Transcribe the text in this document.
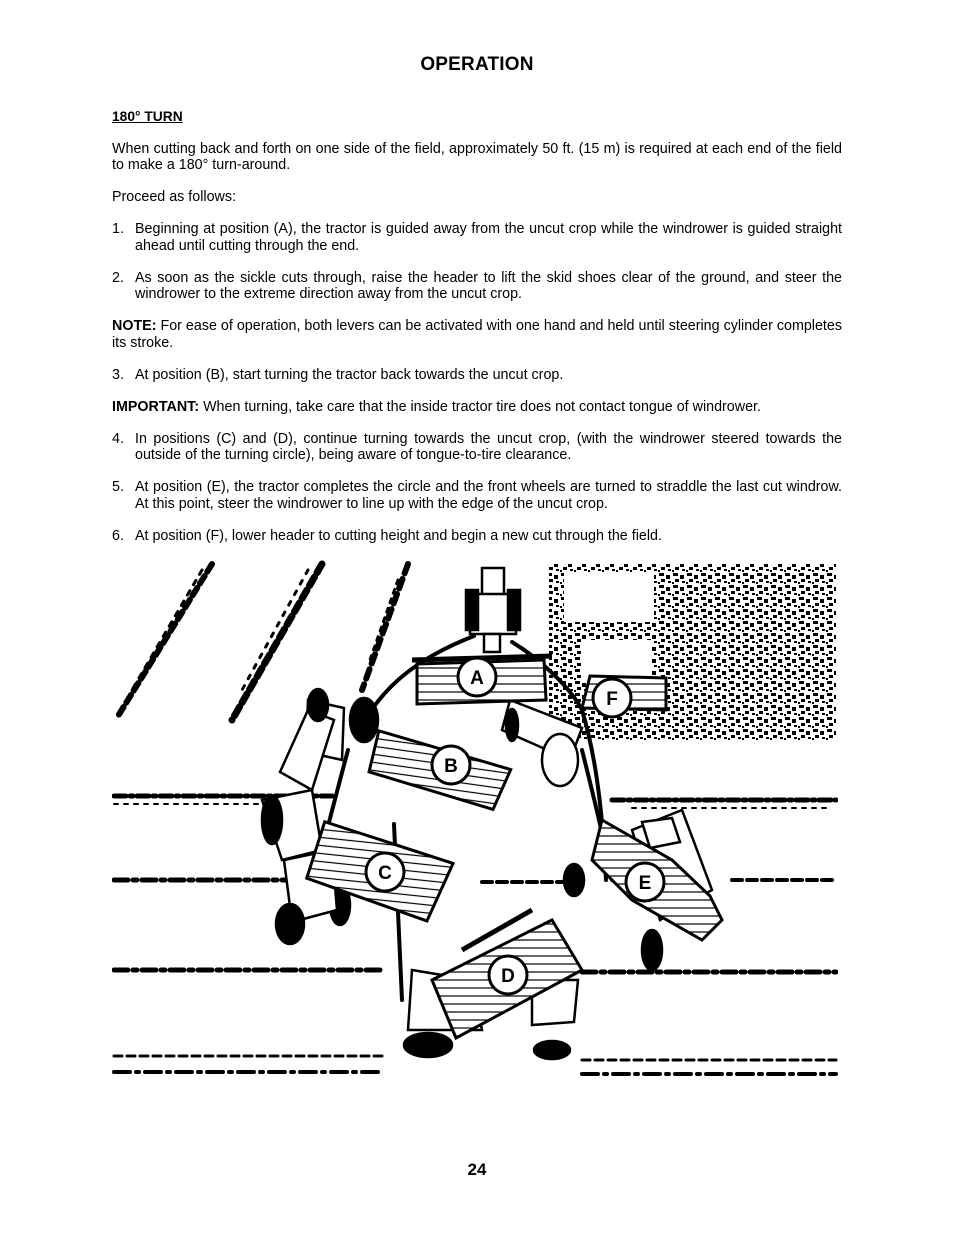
OPERATION
180° TURN

When cutting back and forth on one side of the field, approximately 50 ft. (15 m) is required at each end of the field to make a 180° turn-around.

Proceed as follows:

1. Beginning at position (A), the tractor is guided away from the uncut crop while the windrower is guided straight ahead until cutting through the end.
2. As soon as the sickle cuts through, raise the header to lift the skid shoes clear of the ground, and steer the windrower to the extreme direction away from the uncut crop.

NOTE: For ease of operation, both levers can be activated with one hand and held until steering cylinder completes its stroke.

3. At position (B), start turning the tractor back towards the uncut crop.

IMPORTANT: When turning, take care that the inside tractor tire does not contact tongue of windrower.

4. In positions (C) and (D), continue turning towards the uncut crop, (with the windrower steered towards the outside of the turning circle), being aware of tongue-to-tire clearance.
5. At position (E), the tractor completes the circle and the front wheels are turned to straddle the last cut windrow. At this point, steer the windrower to line up with the edge of the uncut crop.
6. At position (F), lower header to cutting height and begin a new cut through the field.
A
F
B
C	E
D
24
